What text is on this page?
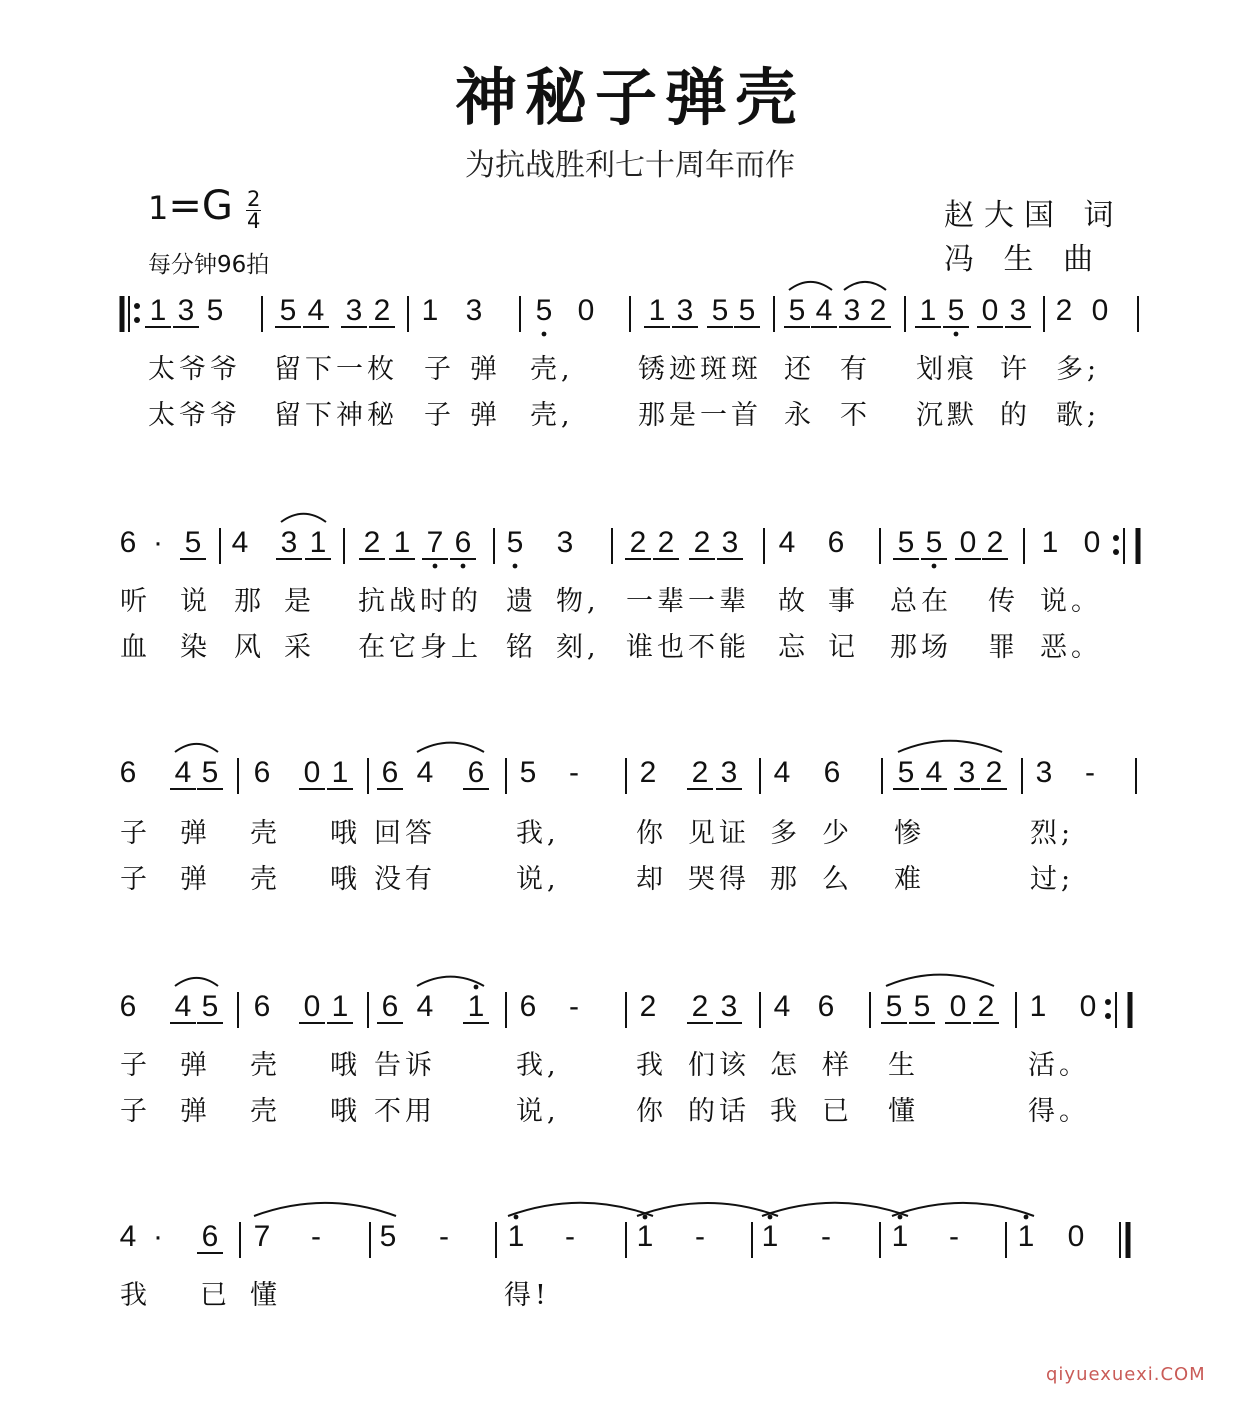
神秘子弹壳
为抗战胜利七十周年而作
$1=G \frac{2}{4}$
每分钟96拍
赵大国 词
冯 生 曲
1 3 5 5 4 3 2 1 3 5 0 1 3 5 5 5 4 3 2 1 5 0 3 2 0
太爷爷 留下一枚 子 弹 壳, 锈迹斑斑 还 有 划痕 许 多;
太爷爷 留下神秘 子 弹 壳, 那是一首 永 不 沉默 的 歌;
6 · 5 4 3 1 2 1 7 6 5 3 2 2 2 3 4 6 5 5 0 2 1 0
听 说 那 是 抗战时的 遗 物, 一辈一辈 故 事 总在 传 说。
血 染 风 采 在它身上 铭 刻, 谁也不能 忘 记 那场 罪 恶。
6 4 5 6 0 1 6 4 6 5 - 2 2 3 4 6 5 4 3 2 3 -
子 弹 壳 哦 回答	我,	你 见证 多 少 惨	烈;
子 弹 壳 哦 没有	说,	却 哭得 那 么 难	过;
6 4 5 6 0 1 6 4 1 6 - 2 2 3 4 6 5 5 0 2 1 0
子 弹 壳 哦 告诉	我,	我 们该 怎 样 生	活。
子 弹 壳 哦 不用	说,	你 的话 我 已 懂	得。
4 · 6 7 - 5 - 1 - 1 - 1 - 1 - 1 0
我 已 懂	得!
qiyuexuexi.COM
